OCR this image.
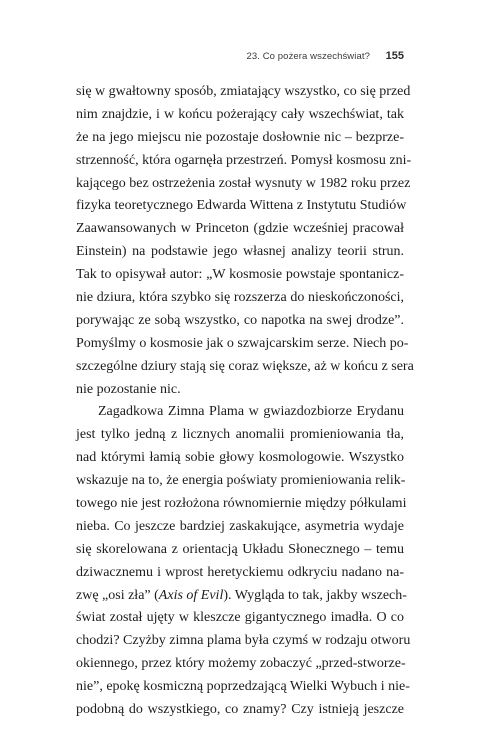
23. Co pożera wszechświat? 155
się w gwałtowny sposób, zmiatający wszystko, co się przed
nim znajdzie, i w końcu pożerający cały wszechświat, tak
że na jego miejscu nie pozostaje dosłownie nic – bezprze-
strzenność, która ogarnęła przestrzeń. Pomysł kosmosu zni-
kającego bez ostrzeżenia został wysnuty w 1982 roku przez
fizyka teoretycznego Edwarda Wittena z Instytutu Studiów
Zaawansowanych w Princeton (gdzie wcześniej pracował
Einstein) na podstawie jego własnej analizy teorii strun.
Tak to opisywał autor: „W kosmosie powstaje spontanicz-
nie dziura, która szybko się rozszerza do nieskończoności,
porywając ze sobą wszystko, co napotka na swej drodze”.
Pomyślmy o kosmosie jak o szwajcarskim serze. Niech po-
szczególne dziury stają się coraz większe, aż w końcu z sera
nie pozostanie nic.
Zagadkowa Zimna Plama w gwiazdozbiorze Erydanu
jest tylko jedną z licznych anomalii promieniowania tła,
nad którymi łamią sobie głowy kosmologowie. Wszystko
wskazuje na to, że energia poświaty promieniowania relik-
towego nie jest rozłożona równomiernie między półkulami
nieba. Co jeszcze bardziej zaskakujące, asymetria wydaje
się skorelowana z orientacją Układu Słonecznego – temu
dziwacznemu i wprost heretyckiemu odkryciu nadano na-
zwę „osi zła” (Axis of Evil). Wygląda to tak, jakby wszech-
świat został ujęty w kleszcze gigantycznego imadła. O co
chodzi? Czyżby zimna plama była czymś w rodzaju otworu
okiennego, przez który możemy zobaczyć „przed-stworze-
nie”, epokę kosmiczną poprzedzającą Wielki Wybuch i nie-
podobną do wszystkiego, co znamy? Czy istnieją jeszcze
